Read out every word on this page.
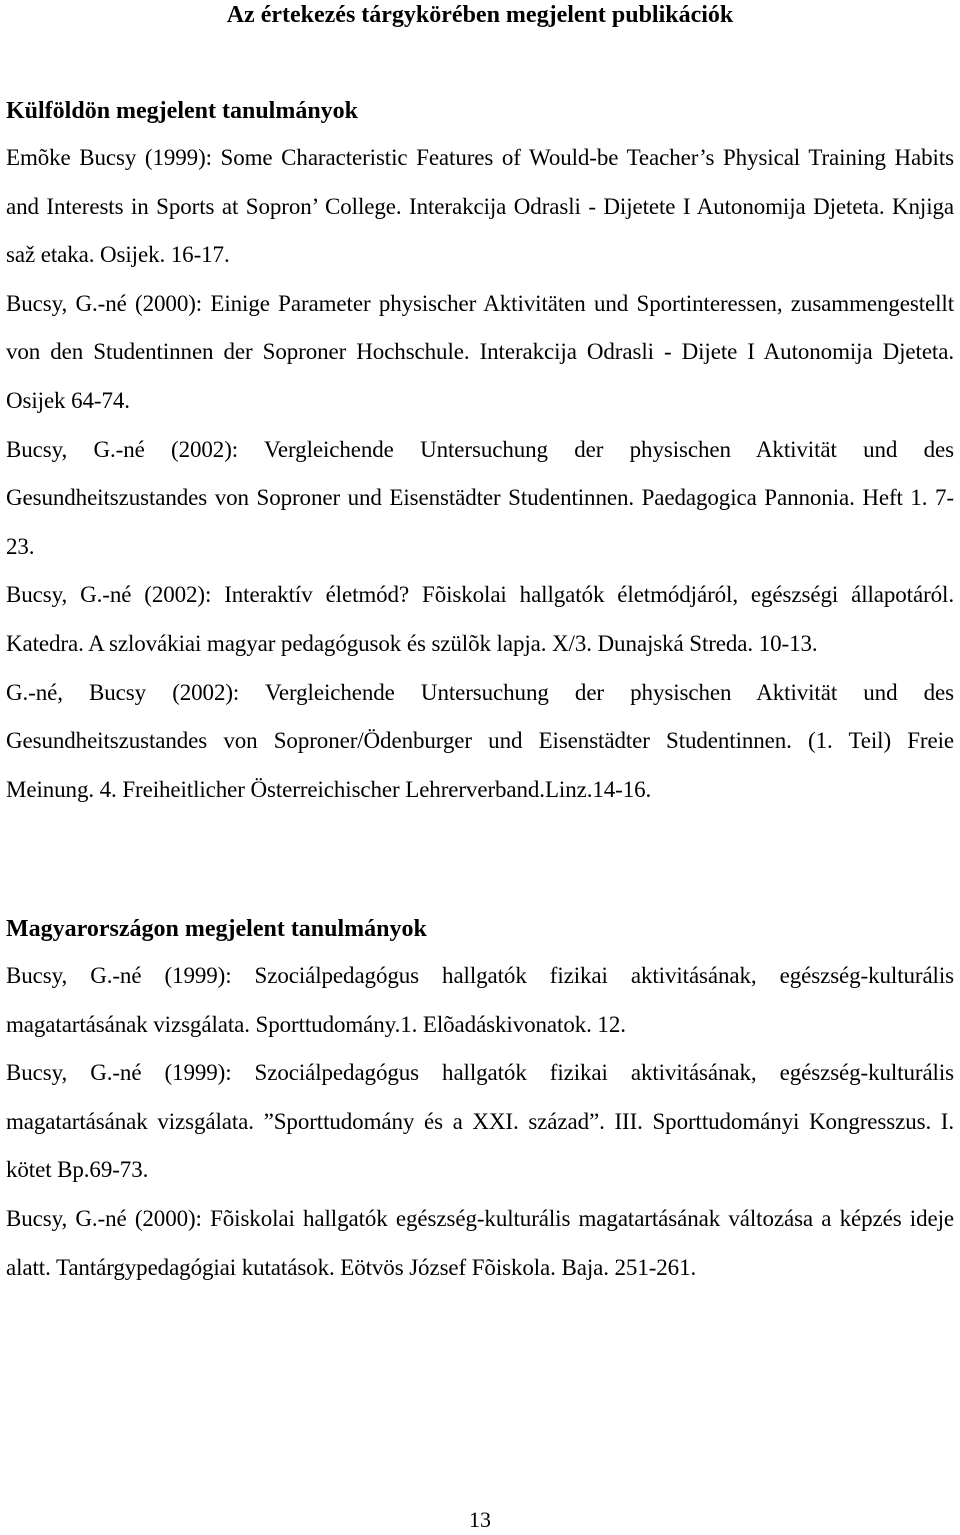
Az értekezés tárgykörében megjelent publikációk
Külföldön megjelent tanulmányok
Emõke Bucsy (1999): Some Characteristic Features of Would-be Teacher’s Physical Training Habits and Interests in Sports at Sopron’ College. Interakcija Odrasli - Dijetete I Autonomija Djeteta. Knjiga saž etaka. Osijek. 16-17.
Bucsy, G.-né (2000): Einige Parameter physischer Aktivitäten und Sportinteressen, zusammengestellt von den Studentinnen der Soproner Hochschule. Interakcija Odrasli - Dijete I Autonomija Djeteta. Osijek 64-74.
Bucsy, G.-né (2002): Vergleichende Untersuchung der physischen Aktivität und des Gesundheitszustandes von Soproner und Eisenstädter Studentinnen. Paedagogica Pannonia. Heft 1. 7-23.
Bucsy, G.-né (2002): Interaktív életmód? Fõiskolai hallgatók életmódjáról, egészségi állapotáról. Katedra. A szlovákiai magyar pedagógusok és szülõk lapja. X/3. Dunajská Streda. 10-13.
G.-né, Bucsy (2002): Vergleichende Untersuchung der physischen Aktivität und des Gesundheitszustandes von Soproner/Ödenburger und Eisenstädter Studentinnen. (1. Teil) Freie Meinung. 4. Freiheitlicher Österreichischer Lehrerverband.Linz.14-16.
Magyarországon megjelent tanulmányok
Bucsy, G.-né (1999): Szociálpedagógus hallgatók fizikai aktivitásának, egészség-kulturális magatartásának vizsgálata. Sporttudomány.1. Elõadáskivonatok. 12.
Bucsy, G.-né (1999): Szociálpedagógus hallgatók fizikai aktivitásának, egészség-kulturális magatartásának vizsgálata. ”Sporttudomány és a XXI. század”. III. Sporttudományi Kongresszus. I. kötet Bp.69-73.
Bucsy, G.-né (2000): Fõiskolai hallgatók egészség-kulturális magatartásának változása a képzés ideje alatt. Tantárgypedagógiai kutatások. Eötvös József Fõiskola. Baja. 251-261.
13
